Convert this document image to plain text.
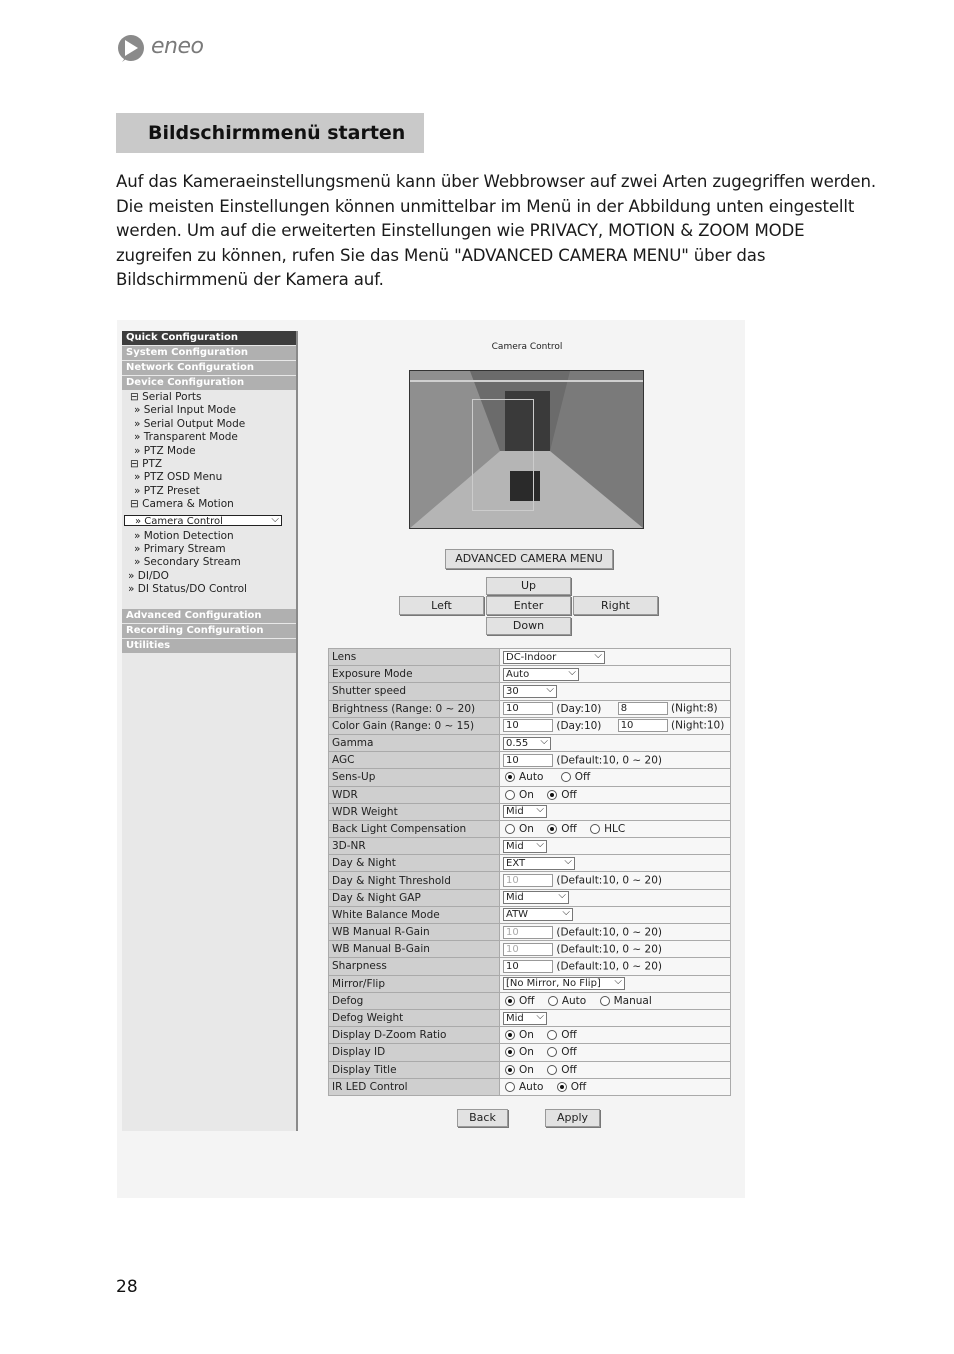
eneo
Bildschirmmenü starten
Auf das Kameraeinstellungsmenü kann über Webbrowser auf zwei Arten zugegriffen werden. Die meisten Einstellungen können unmittelbar im Menü in der Abbildung unten eingestellt werden. Um auf die erweiterten Einstellungen wie PRIVACY, MOTION & ZOOM MODE zugreifen zu können, rufen Sie das Menü "ADVANCED CAMERA MENU" über das Bildschirmmenü der Kamera auf.
Quick Configuration
System Configuration
Network Configuration
Device Configuration
⊟ Serial Ports
» Serial Input Mode
» Serial Output Mode
» Transparent Mode
» PTZ Mode
⊟ PTZ
» PTZ OSD Menu
» PTZ Preset
⊟ Camera & Motion
» Camera Control ⌵
» Motion Detection
» Primary Stream
» Secondary Stream
» DI/DO
» DI Status/DO Control
Advanced Configuration
Recording Configuration
Utilities
Camera Control
ADVANCED CAMERA MENU
Up
Left	Enter	Right
Down
Lens	DC-Indoor ⌵
Exposure Mode	Auto ⌵
Shutter speed	30 ⌵
Brightness (Range: 0 ~ 20)	10 (Day:10) 8 (Night:8)
Color Gain (Range: 0 ~ 15)	10 (Day:10) 10 (Night:10)
Gamma	0.55 ⌵
AGC	10 (Default:10, 0 ~ 20)
Sens-Up	Auto Off
WDR	On Off
WDR Weight	Mid ⌵
Back Light Compensation	On Off HLC
3D-NR	Mid ⌵
Day & Night	EXT ⌵
Day & Night Threshold	10 (Default:10, 0 ~ 20)
Day & Night GAP	Mid ⌵
White Balance Mode	ATW ⌵
WB Manual R-Gain	10 (Default:10, 0 ~ 20)
WB Manual B-Gain	10 (Default:10, 0 ~ 20)
Sharpness	10 (Default:10, 0 ~ 20)
Mirror/Flip	[No Mirror, No Flip] ⌵
Defog	Off Auto Manual
Defog Weight	Mid ⌵
Display D-Zoom Ratio	On Off
Display ID	On Off
Display Title	On Off
IR LED Control	Auto Off
Back	Apply
28
